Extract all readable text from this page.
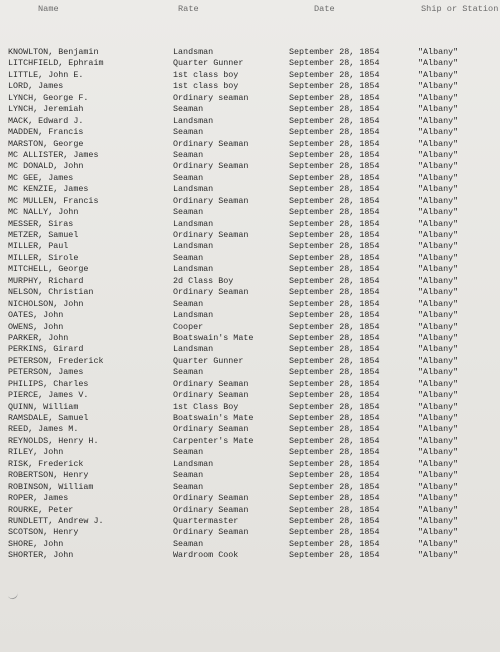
Name	Rate	Date	Ship or Station
KNOWLTON, Benjamin	Landsman	September 28, 1854	"Albany"
LITCHFIELD, Ephraim	Quarter Gunner	September 28, 1854	"Albany"
LITTLE, John E.	1st class boy	September 28, 1854	"Albany"
LORD, James	1st class boy	September 28, 1854	"Albany"
LYNCH, George F.	Ordinary seaman	September 28, 1854	"Albany"
LYNCH, Jeremiah	Seaman	September 28, 1854	"Albany"
MACK, Edward J.	Landsman	September 28, 1854	"Albany"
MADDEN, Francis	Seaman	September 28, 1854	"Albany"
MARSTON, George	Ordinary Seaman	September 28, 1854	"Albany"
MC ALLISTER, James	Seaman	September 28, 1854	"Albany"
MC DONALD, John	Ordinary Seaman	September 28, 1854	"Albany"
MC GEE, James	Seaman	September 28, 1854	"Albany"
MC KENZIE, James	Landsman	September 28, 1854	"Albany"
MC MULLEN, Francis	Ordinary Seaman	September 28, 1854	"Albany"
MC NALLY, John	Seaman	September 28, 1854	"Albany"
MESSER, Siras	Landsman	September 28, 1854	"Albany"
METZER, Samuel	Ordinary Seaman	September 28, 1854	"Albany"
MILLER, Paul	Landsman	September 28, 1854	"Albany"
MILLER, Sirole	Seaman	September 28, 1854	"Albany"
MITCHELL, George	Landsman	September 28, 1854	"Albany"
MURPHY, Richard	2d Class Boy	September 28, 1854	"Albany"
NELSON, Christian	Ordinary Seaman	September 28, 1854	"Albany"
NICHOLSON, John	Seaman	September 28, 1854	"Albany"
OATES, John	Landsman	September 28, 1854	"Albany"
OWENS, John	Cooper	September 28, 1854	"Albany"
PARKER, John	Boatswain's Mate	September 28, 1854	"Albany"
PERKINS, Girard	Landsman	September 28, 1854	"Albany"
PETERSON, Frederick	Quarter Gunner	September 28, 1854	"Albany"
PETERSON, James	Seaman	September 28, 1854	"Albany"
PHILIPS, Charles	Ordinary Seaman	September 28, 1854	"Albany"
PIERCE, James V.	Ordinary Seaman	September 28, 1854	"Albany"
QUINN, William	1st Class Boy	September 28, 1854	"Albany"
RAMSDALE, Samuel	Boatswain's Mate	September 28, 1854	"Albany"
REED, James M.	Ordinary Seaman	September 28, 1854	"Albany"
REYNOLDS, Henry H.	Carpenter's Mate	September 28, 1854	"Albany"
RILEY, John	Seaman	September 28, 1854	"Albany"
RISK, Frederick	Landsman	September 28, 1854	"Albany"
ROBERTSON, Henry	Seaman	September 28, 1854	"Albany"
ROBINSON, William	Seaman	September 28, 1854	"Albany"
ROPER, James	Ordinary Seaman	September 28, 1854	"Albany"
ROURKE, Peter	Ordinary Seaman	September 28, 1854	"Albany"
RUNDLETT, Andrew J.	Quartermaster	September 28, 1854	"Albany"
SCOTSON, Henry	Ordinary Seaman	September 28, 1854	"Albany"
SHORE, John	Seaman	September 28, 1854	"Albany"
SHORTER, John	Wardroom Cook	September 28, 1854	"Albany"
